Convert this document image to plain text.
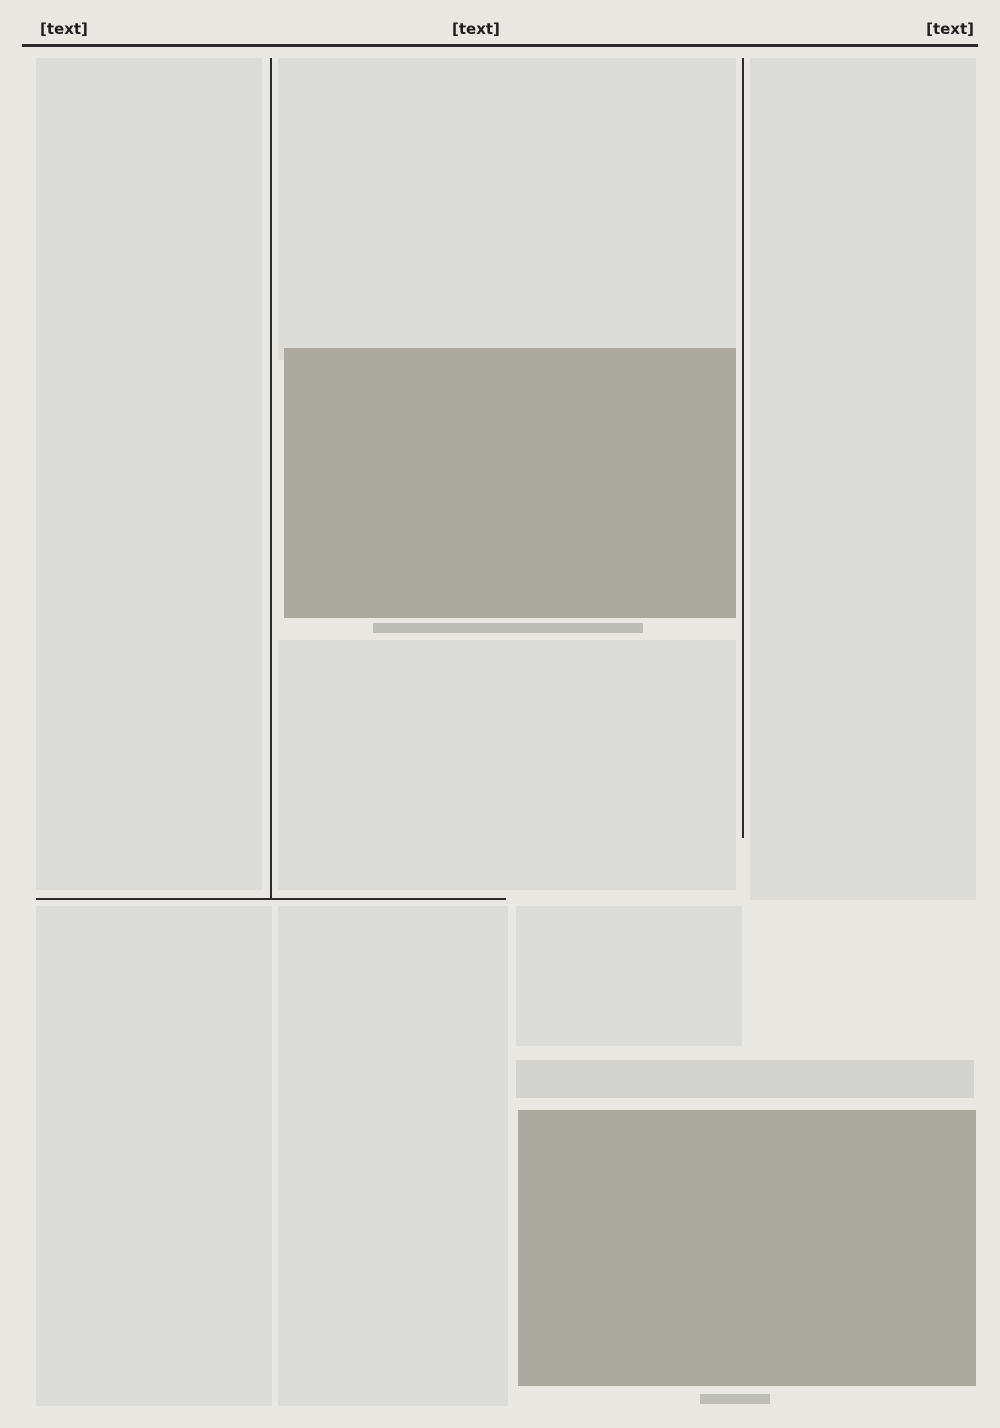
[text]	[text]	[text]
